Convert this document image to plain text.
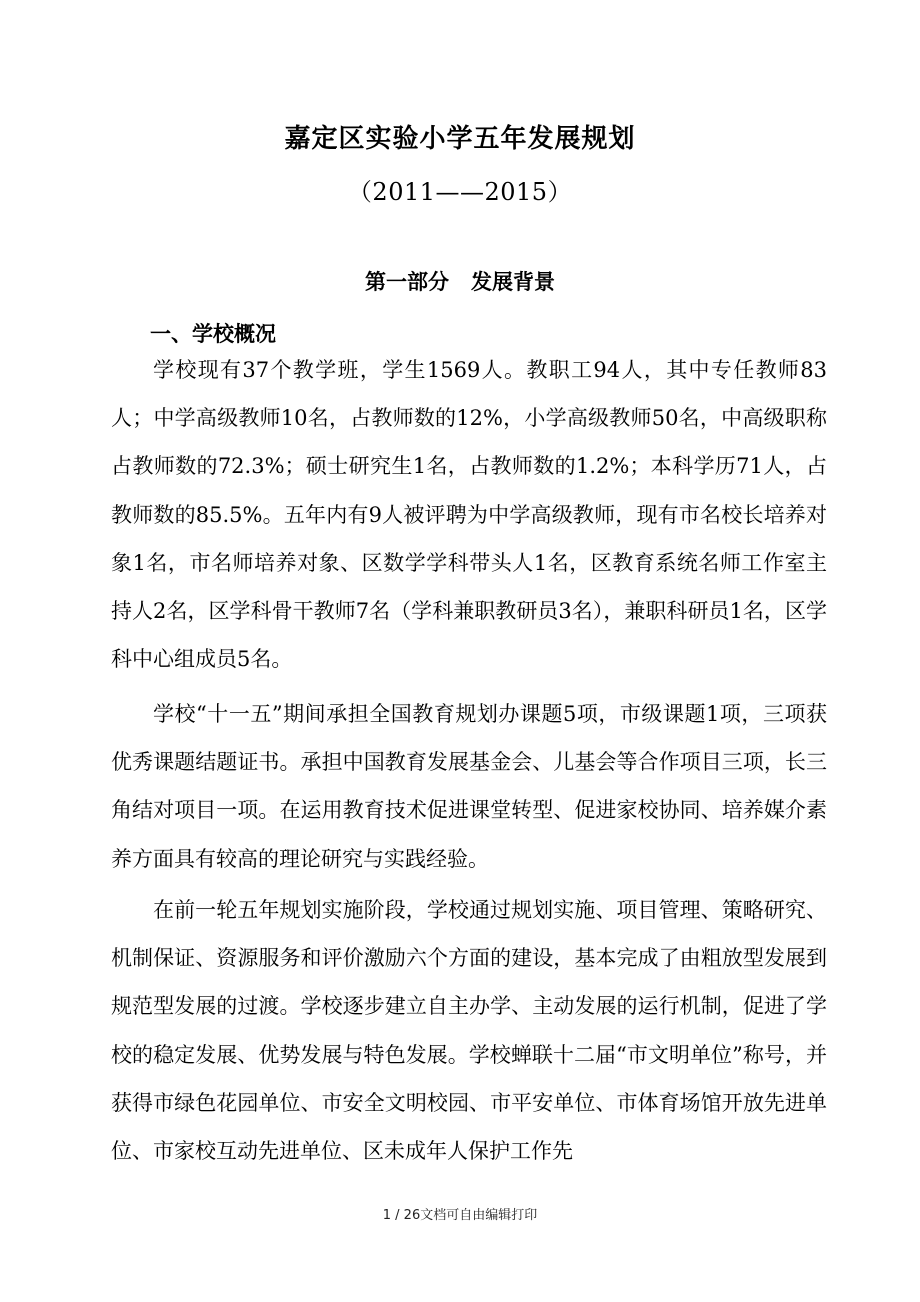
嘉定区实验小学五年发展规划
（2011——2015）
第一部分 发展背景
一、学校概况

学校现有37个教学班，学生1569人。教职工94人，其中专任教师83人；中学高级教师10名，占教师数的12%，小学高级教师50名，中高级职称占教师数的72.3%；硕士研究生1名，占教师数的1.2%；本科学历71人，占教师数的85.5%。五年内有9人被评聘为中学高级教师，现有市名校长培养对象1名，市名师培养对象、区数学学科带头人1名，区教育系统名师工作室主持人2名，区学科骨干教师7名（学科兼职教研员3名），兼职科研员1名，区学科中心组成员5名。

学校“十一五”期间承担全国教育规划办课题5项，市级课题1项，三项获优秀课题结题证书。承担中国教育发展基金会、儿基会等合作项目三项，长三角结对项目一项。在运用教育技术促进课堂转型、促进家校协同、培养媒介素养方面具有较高的理论研究与实践经验。

在前一轮五年规划实施阶段，学校通过规划实施、项目管理、策略研究、机制保证、资源服务和评价激励六个方面的建设，基本完成了由粗放型发展到规范型发展的过渡。学校逐步建立自主办学、主动发展的运行机制，促进了学校的稳定发展、优势发展与特色发展。学校蝉联十二届“市文明单位”称号，并获得市绿色花园单位、市安全文明校园、市平安单位、市体育场馆开放先进单位、市家校互动先进单位、区未成年人保护工作先

1 / 26文档可自由编辑打印
